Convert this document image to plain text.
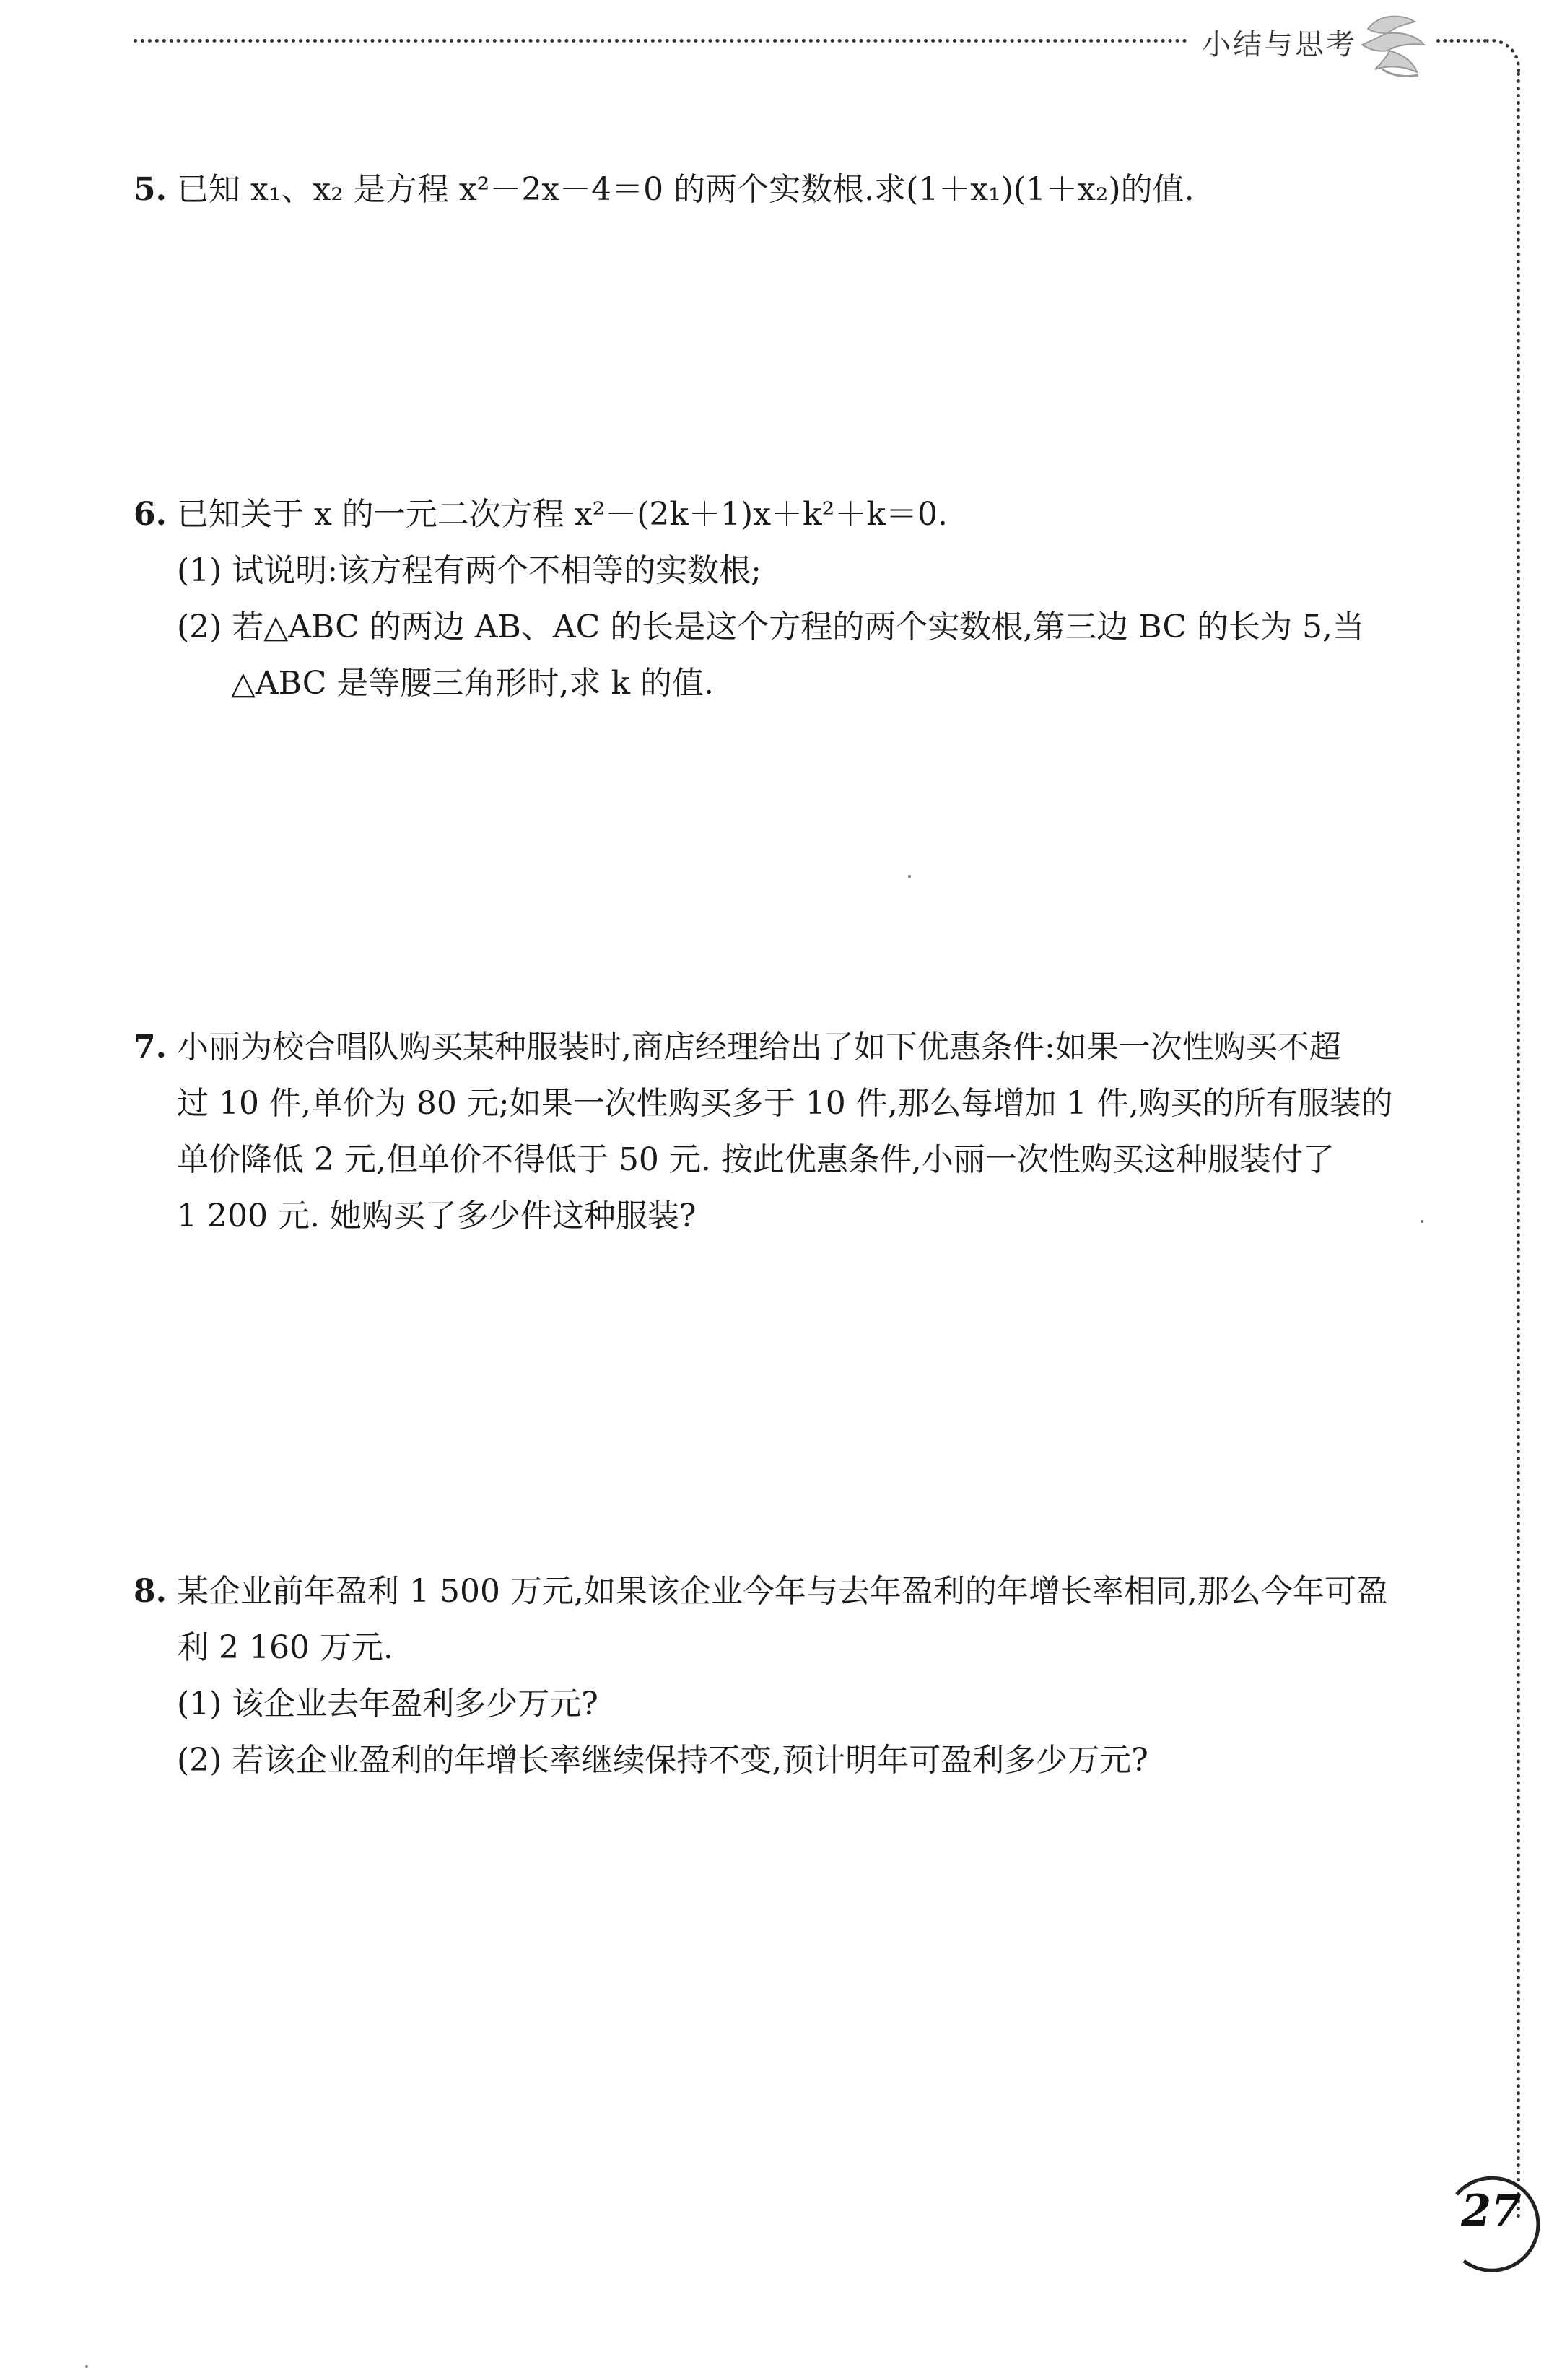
小结与思考
5. 已知 x₁、x₂ 是方程 x²－2x－4＝0 的两个实数根.求(1＋x₁)(1＋x₂)的值.
6. 已知关于 x 的一元二次方程 x²－(2k＋1)x＋k²＋k＝0.
(1) 试说明:该方程有两个不相等的实数根;
(2) 若△ABC 的两边 AB、AC 的长是这个方程的两个实数根,第三边 BC 的长为 5,当
△ABC 是等腰三角形时,求 k 的值.
7. 小丽为校合唱队购买某种服装时,商店经理给出了如下优惠条件:如果一次性购买不超
过 10 件,单价为 80 元;如果一次性购买多于 10 件,那么每增加 1 件,购买的所有服装的
单价降低 2 元,但单价不得低于 50 元. 按此优惠条件,小丽一次性购买这种服装付了
1 200 元. 她购买了多少件这种服装?
8. 某企业前年盈利 1 500 万元,如果该企业今年与去年盈利的年增长率相同,那么今年可盈
利 2 160 万元.
(1) 该企业去年盈利多少万元?
(2) 若该企业盈利的年增长率继续保持不变,预计明年可盈利多少万元?
27
